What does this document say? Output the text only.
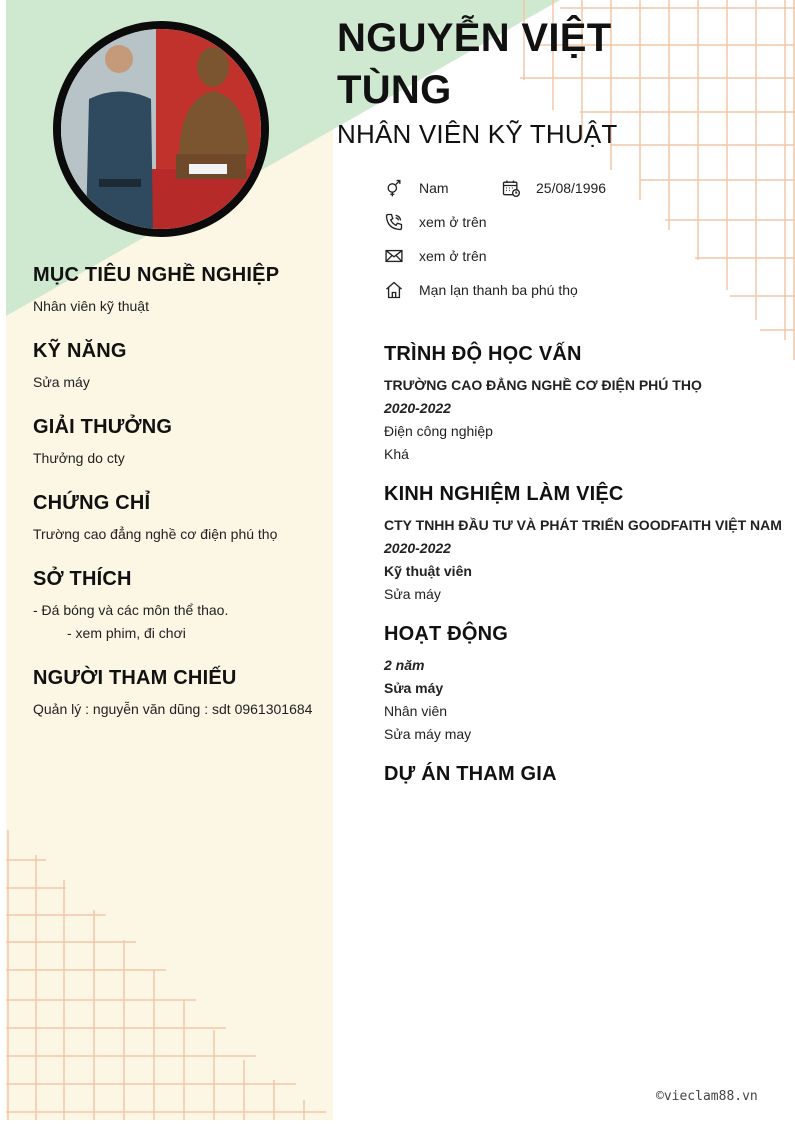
NGUYỄN VIỆT TÙNG
NHÂN VIÊN KỸ THUẬT
Nam	25/08/1996
xem ở trên
xem ở trên
Mạn lạn thanh ba phú thọ
MỤC TIÊU NGHỀ NGHIỆP
Nhân viên kỹ thuật
KỸ NĂNG
Sửa máy
GIẢI THƯỞNG
Thưởng do cty
CHỨNG CHỈ
Trường cao đẳng nghề cơ điện phú thọ
SỞ THÍCH
- Đá bóng và các môn thể thao.
- xem phim, đi chơi
NGƯỜI THAM CHIẾU
Quản lý : nguyễn văn dũng : sdt 0961301684
TRÌNH ĐỘ HỌC VẤN
TRƯỜNG CAO ĐẲNG NGHỀ CƠ ĐIỆN PHÚ THỌ
2020-2022
Điện công nghiệp
Khá
KINH NGHIỆM LÀM VIỆC
CTY TNHH ĐẦU TƯ VÀ PHÁT TRIỂN GOODFAITH VIỆT NAM
2020-2022
Kỹ thuật viên
Sửa máy
HOẠT ĐỘNG
2 năm
Sửa máy
Nhân viên
Sửa máy may
DỰ ÁN THAM GIA
©vieclam88.vn
